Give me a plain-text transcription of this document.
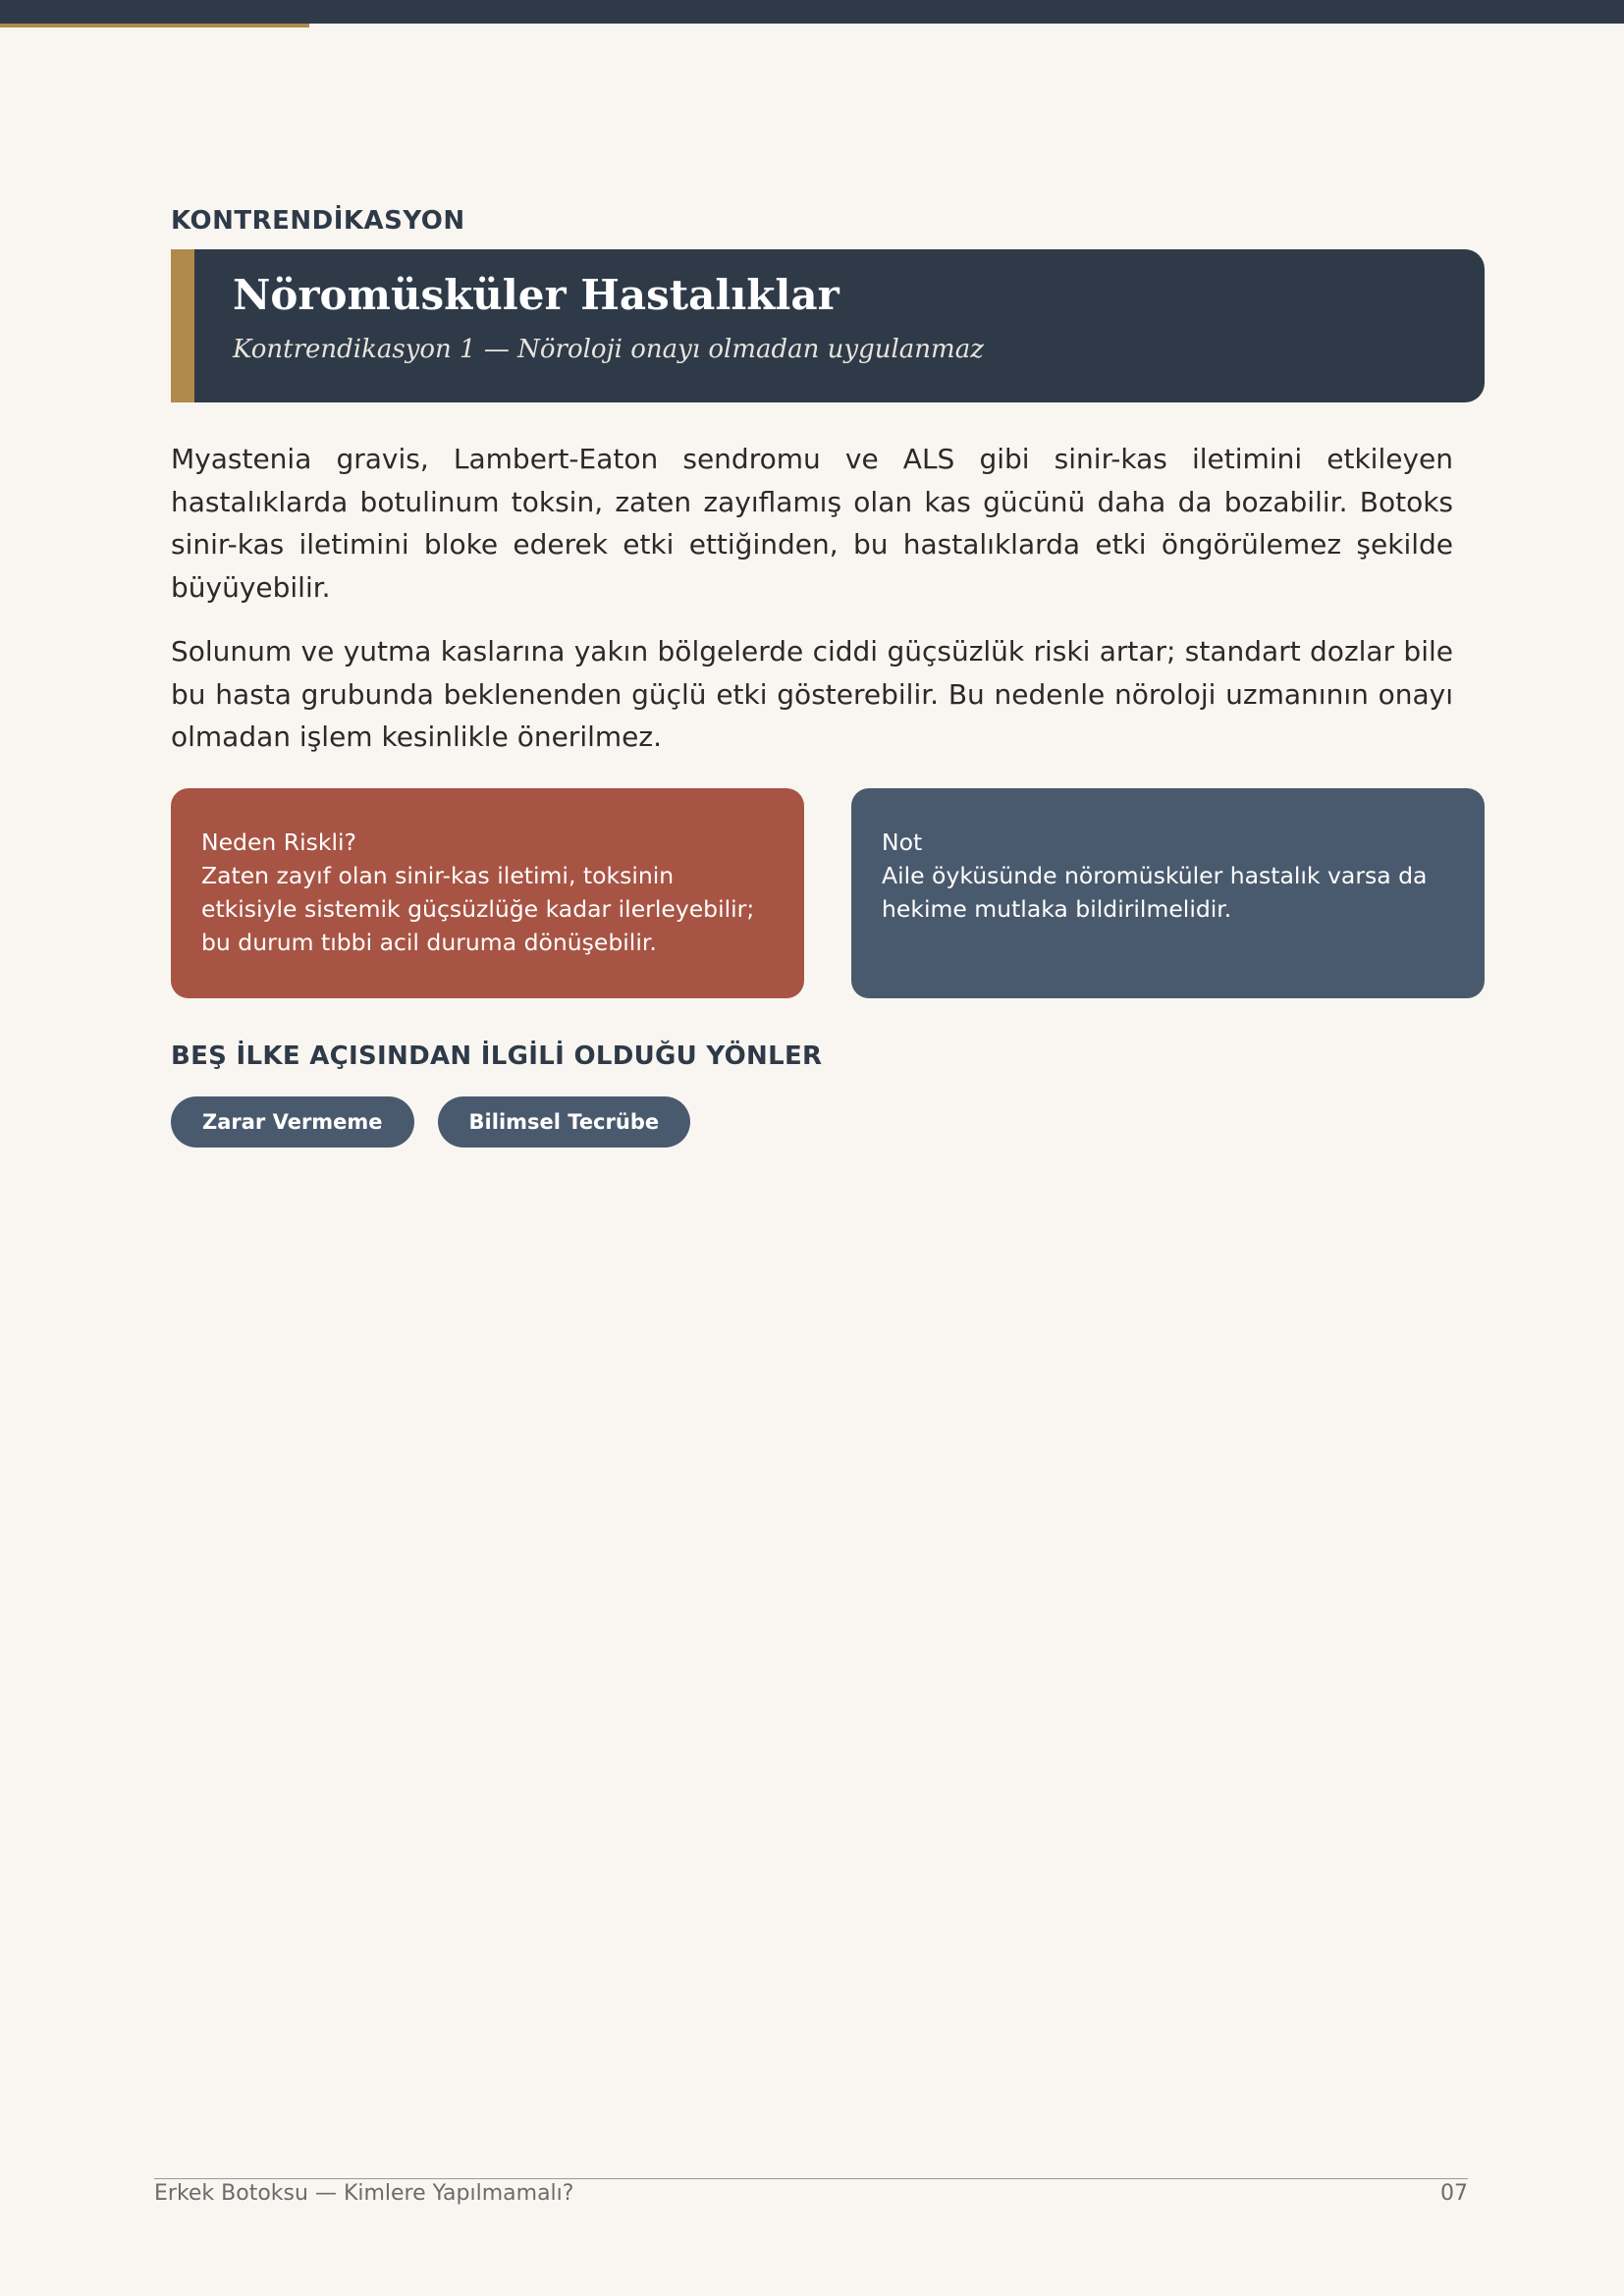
KONTRENDİKASYON
Nöromüsküler Hastalıklar
Kontrendikasyon 1 — Nöroloji onayı olmadan uygulanmaz

Myastenia gravis, Lambert-Eaton sendromu ve ALS gibi sinir-kas iletimini etkileyen hastalıklarda botulinum toksin, zaten zayıflamış olan kas gücünü daha da bozabilir. Botoks sinir-kas iletimini bloke ederek etki ettiğinden, bu hastalıklarda etki öngörülemez şekilde büyüyebilir.

Solunum ve yutma kaslarına yakın bölgelerde ciddi güçsüzlük riski artar; standart dozlar bile bu hasta grubunda beklenenden güçlü etki gösterebilir. Bu nedenle nöroloji uzmanının onayı olmadan işlem kesinlikle önerilmez.

Neden Riskli?
Zaten zayıf olan sinir-kas iletimi, toksinin etkisiyle sistemik güçsüzlüğe kadar ilerleyebilir; bu durum tıbbi acil duruma dönüşebilir.
Not
Aile öyküsünde nöromüsküler hastalık varsa da hekime mutlaka bildirilmelidir.
BEŞ İLKE AÇISINDAN İLGİLİ OLDUĞU YÖNLER
Zarar Vermeme	Bilimsel Tecrübe
Erkek Botoksu — Kimlere Yapılmamalı?	07
